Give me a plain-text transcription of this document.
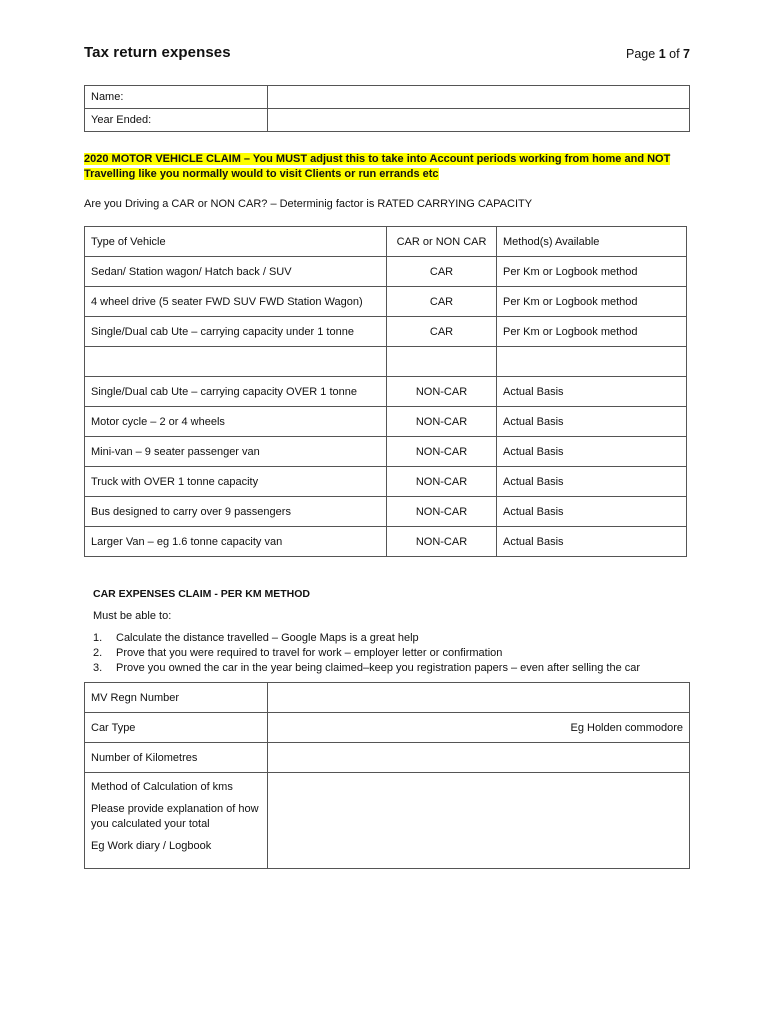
Tax return expenses	Page 1 of 7
Name:	
Year Ended:	
2020 MOTOR VEHICLE CLAIM – You MUST adjust this to take into Account periods working from home and NOT Travelling like you normally would to visit Clients or run errands etc
Are you Driving a CAR or NON CAR? – Determinig factor is RATED CARRYING CAPACITY
Type of Vehicle	CAR or NON CAR	Method(s) Available
Sedan/ Station wagon/ Hatch back / SUV	CAR	Per Km or Logbook method
4 wheel drive (5 seater FWD SUV FWD Station Wagon)	CAR	Per Km or Logbook method
Single/Dual cab Ute – carrying capacity under 1 tonne	CAR	Per Km or Logbook method

Single/Dual cab Ute – carrying capacity OVER 1 tonne	NON-CAR	Actual Basis
Motor cycle – 2 or 4 wheels	NON-CAR	Actual Basis
Mini-van – 9 seater passenger van	NON-CAR	Actual Basis
Truck with OVER 1 tonne capacity	NON-CAR	Actual Basis
Bus designed to carry over 9 passengers	NON-CAR	Actual Basis
Larger Van – eg 1.6 tonne capacity van	NON-CAR	Actual Basis
CAR EXPENSES CLAIM - PER KM METHOD
Must be able to:
1. Calculate the distance travelled – Google Maps is a great help
2. Prove that you were required to travel for work – employer letter or confirmation
3. Prove you owned the car in the year being claimed–keep you registration papers – even after selling the car
MV Regn Number	
Car Type	Eg Holden commodore
Number of Kilometres	

Method of Calculation of kms

Please provide explanation of how you calculated your total

Eg Work diary / Logbook	
